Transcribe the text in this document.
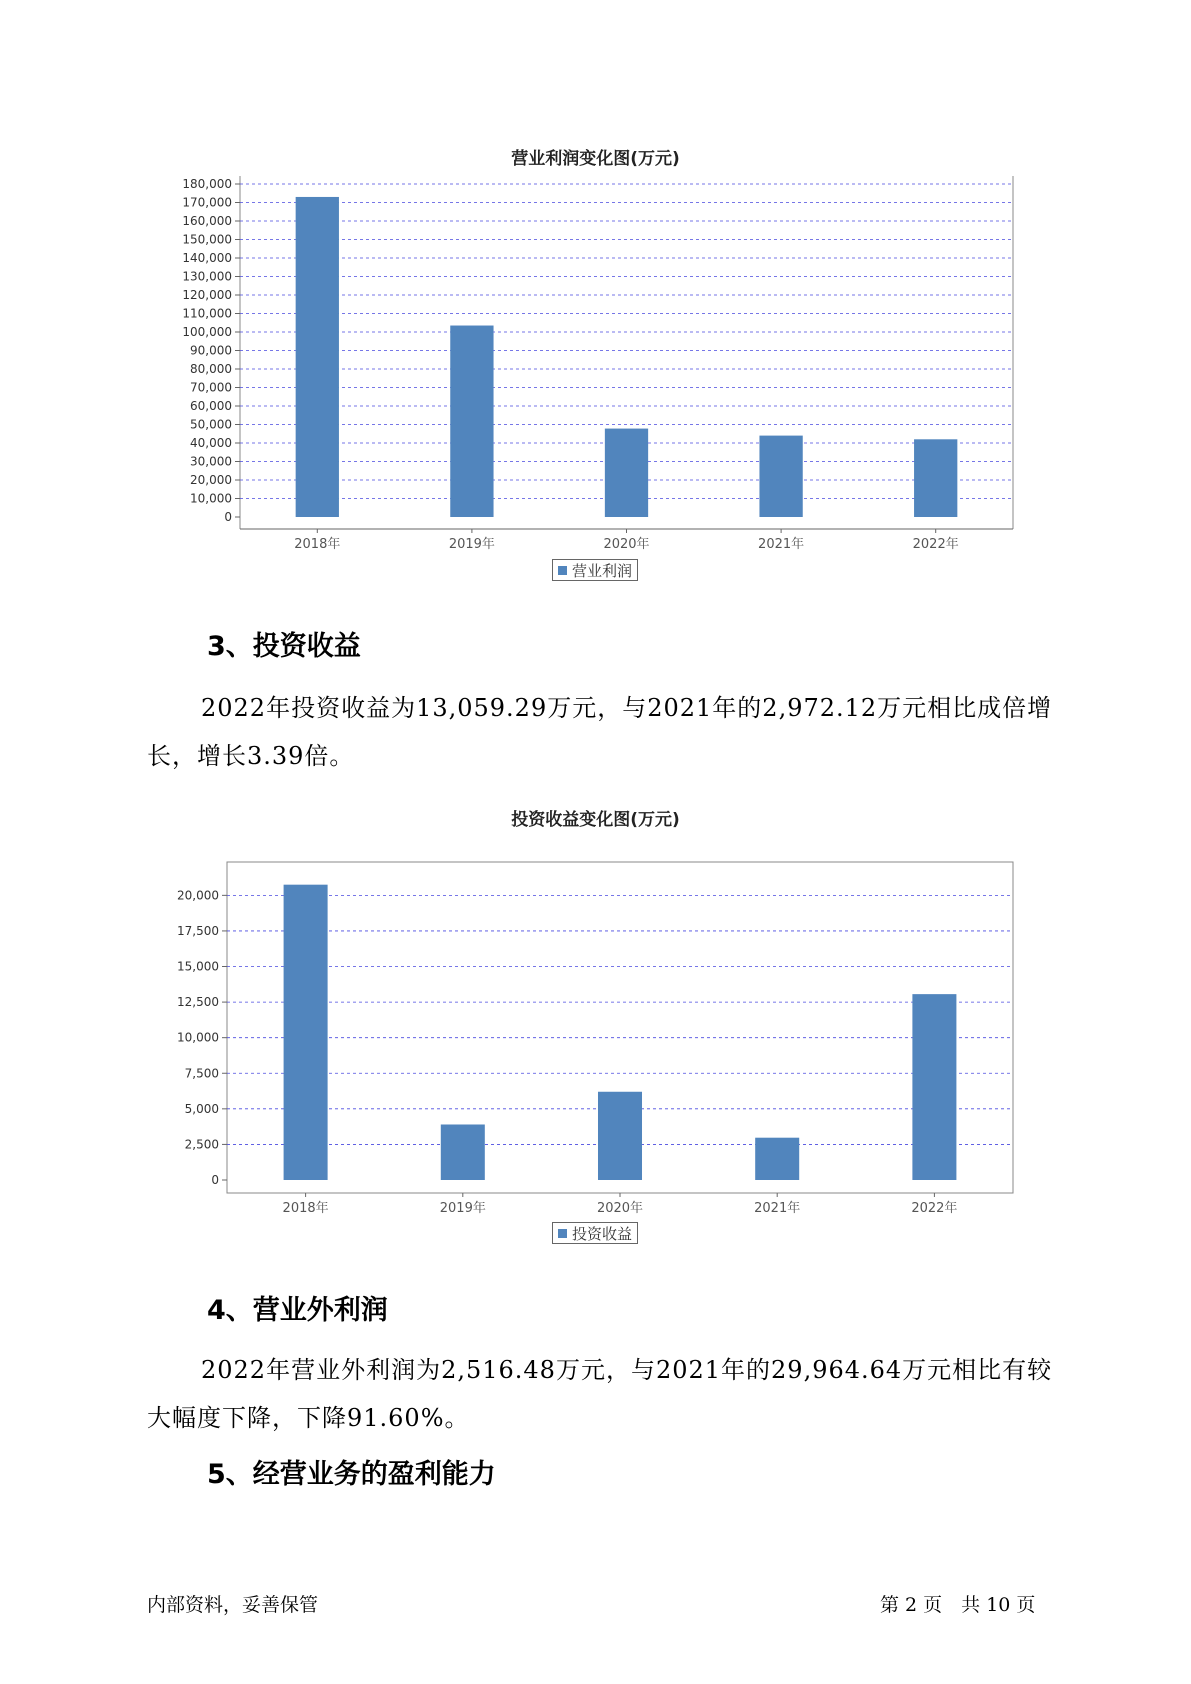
营业利润变化图(万元)
0
10,000
20,000
30,000
40,000
50,000
60,000
70,000
80,000
90,000
100,000
110,000
120,000
130,000
140,000
150,000
160,000
170,000
180,000
2018年	2019年	2020年	2021年	2022年
营业利润
3、投资收益

2022年投资收益为13,059.29万元，与2021年的2,972.12万元相比成倍增长，增长3.39倍。

投资收益变化图(万元)
0
2,500
5,000
7,500
10,000
12,500
15,000
17,500
20,000
2018年	2019年	2020年	2021年	2022年
投资收益
4、营业外利润

2022年营业外利润为2,516.48万元，与2021年的29,964.64万元相比有较大幅度下降，下降91.60%。

5、经营业务的盈利能力
内部资料，妥善保管	第 2 页　共 10 页
